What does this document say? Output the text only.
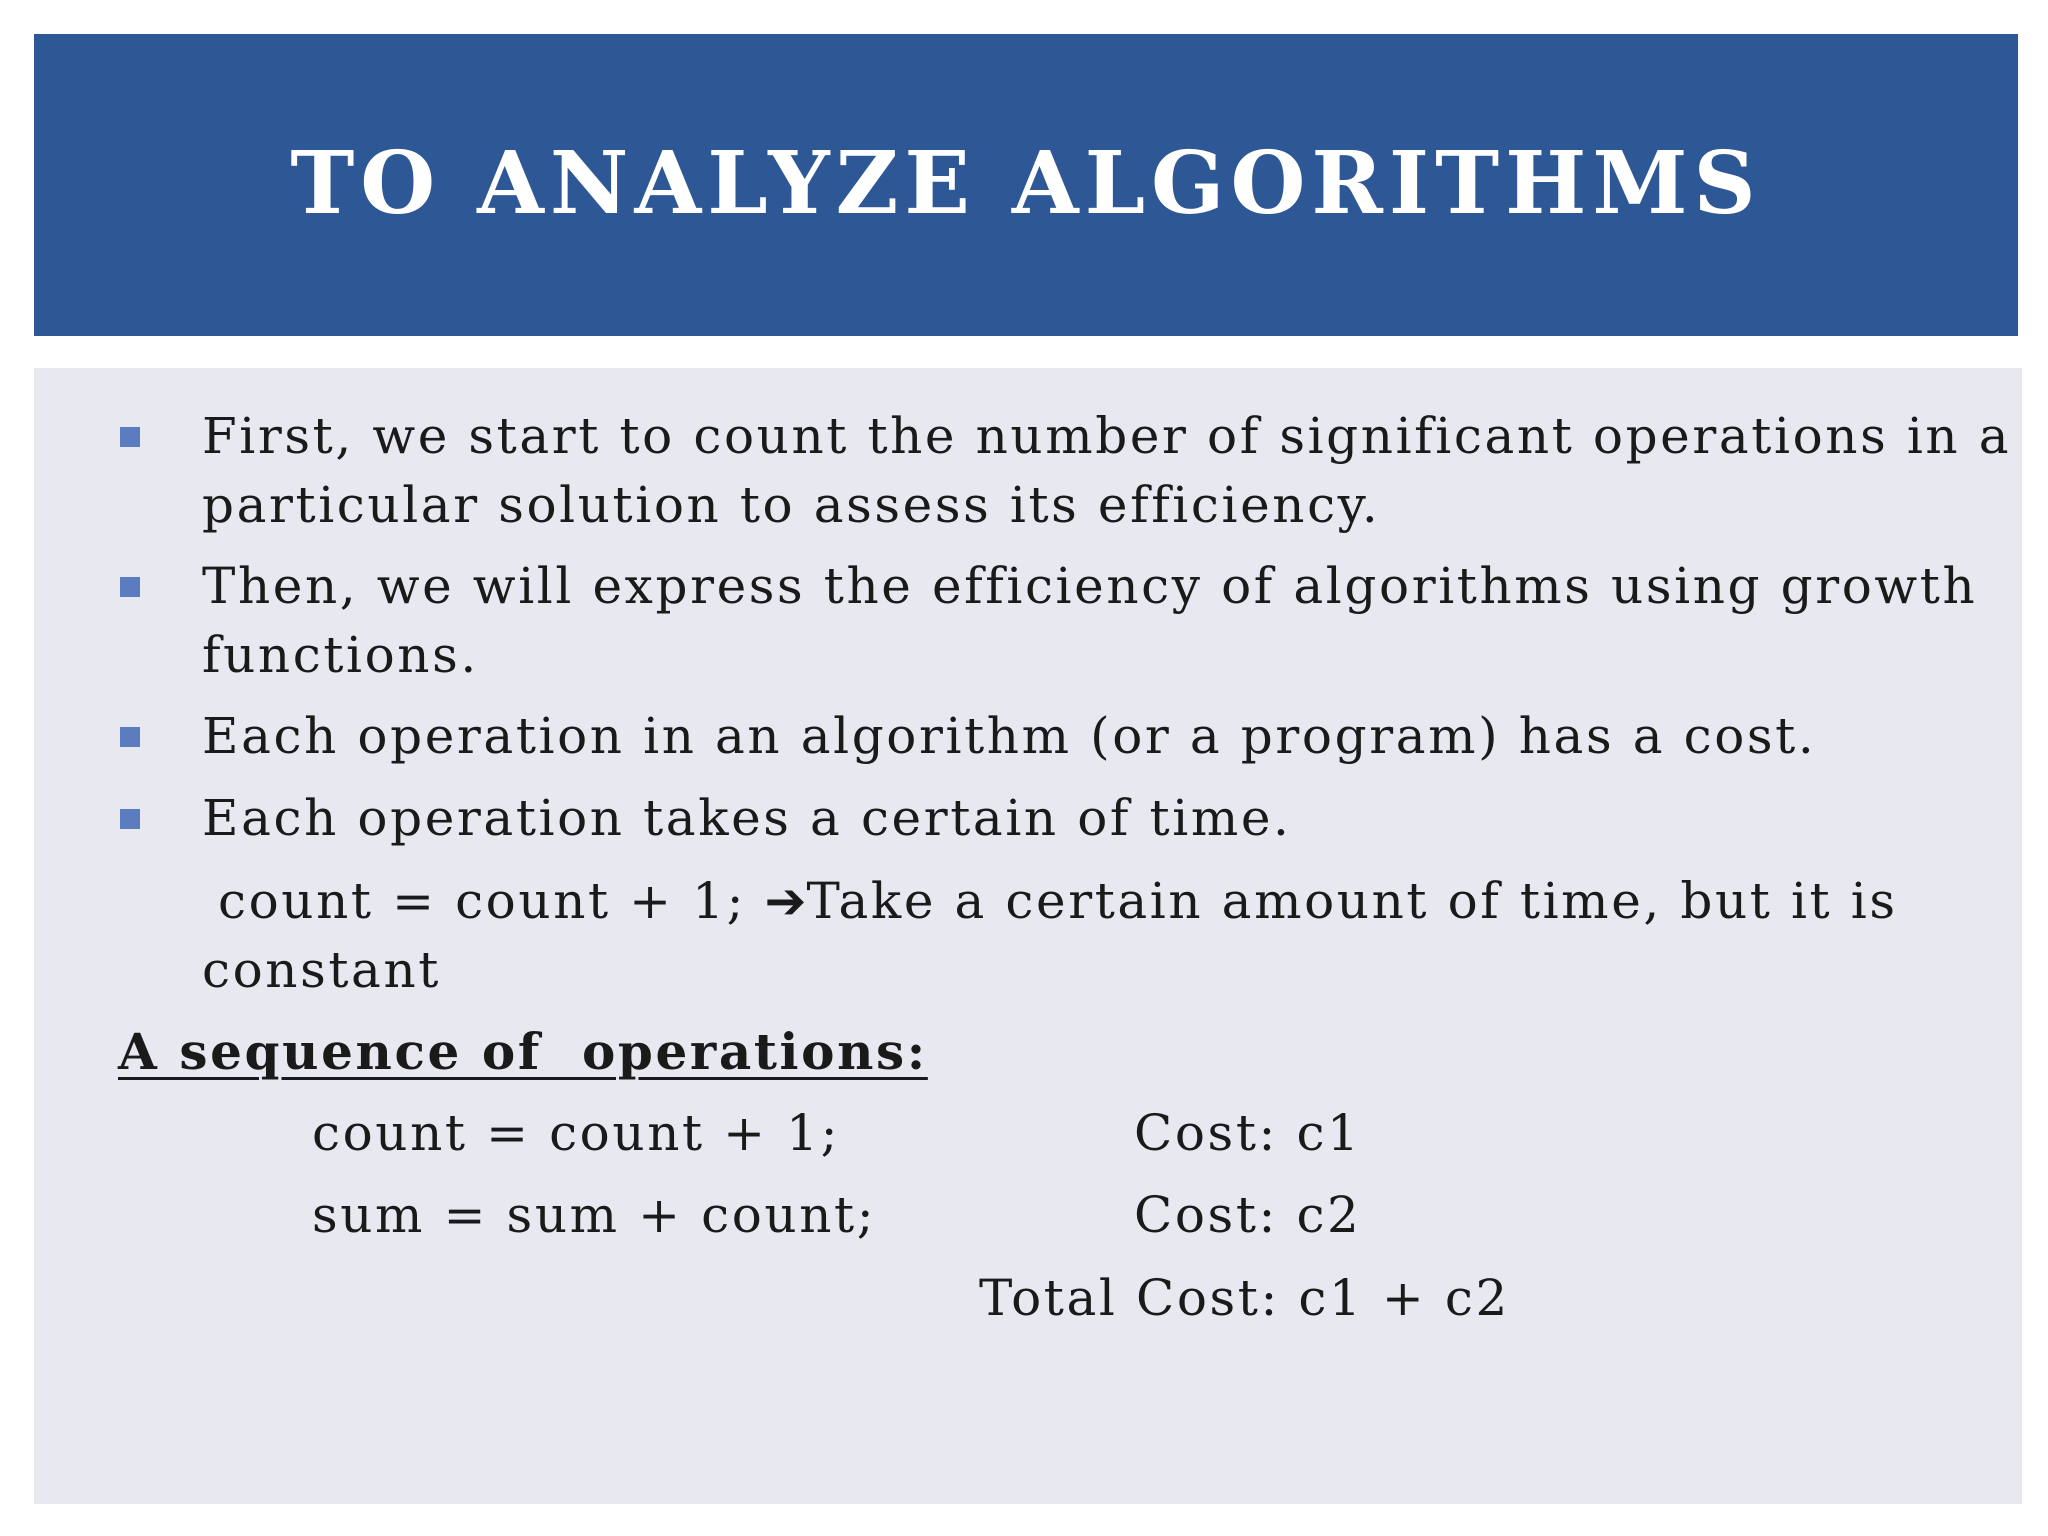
TO ANALYZE ALGORITHMS

First, we start to count the number of significant operations in a particular solution to assess its efficiency.

Then, we will express the efficiency of algorithms using growth functions.

Each operation in an algorithm (or a program) has a cost.

Each operation takes a certain of time.

count = count + 1; ➔Take a certain amount of time, but it is

constant

A sequence of  operations:

count = count + 1;	Cost: c1

sum = sum + count;	Cost: c2

Total Cost: c1 + c2
